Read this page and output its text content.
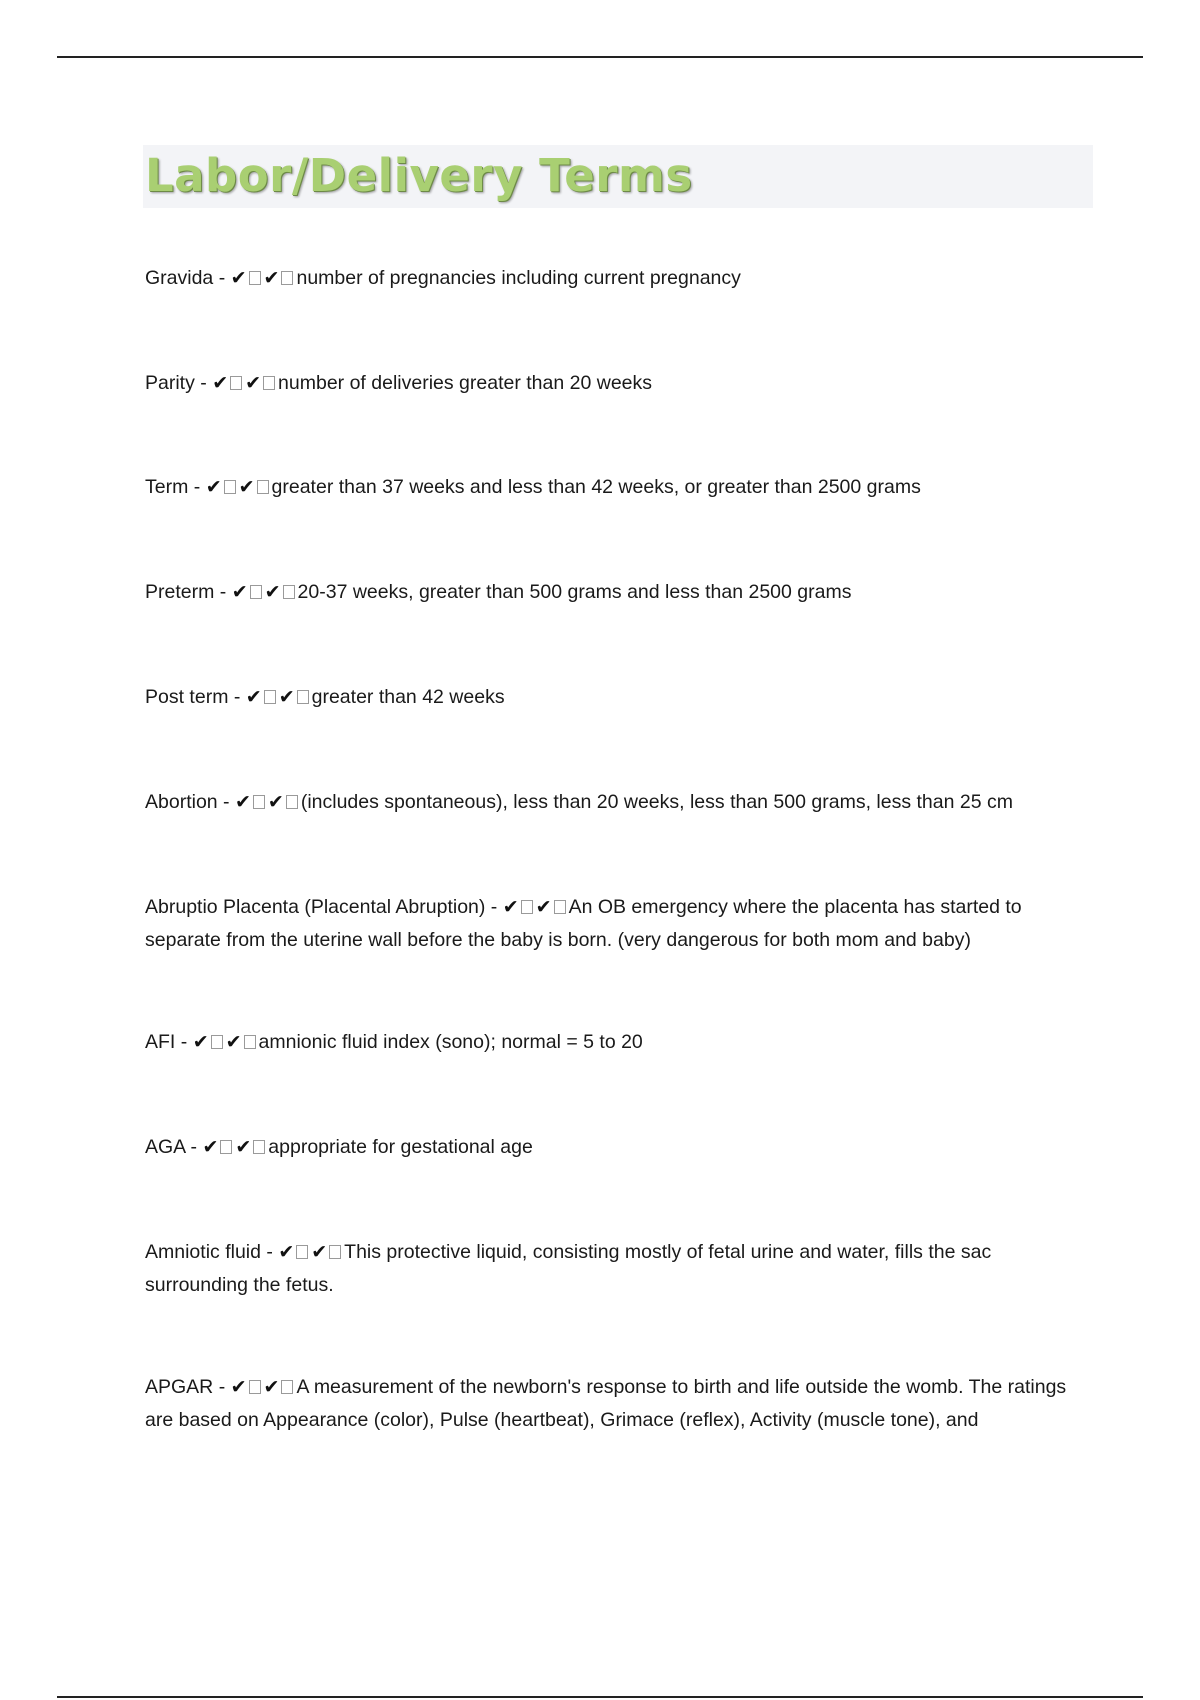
Labor/Delivery Terms

Gravida - ✔ ✔ number of pregnancies including current pregnancy

Parity - ✔ ✔ number of deliveries greater than 20 weeks

Term - ✔ ✔ greater than 37 weeks and less than 42 weeks, or greater than 2500 grams

Preterm - ✔ ✔ 20-37 weeks, greater than 500 grams and less than 2500 grams

Post term - ✔ ✔ greater than 42 weeks

Abortion - ✔ ✔ (includes spontaneous), less than 20 weeks, less than 500 grams, less than 25 cm

Abruptio Placenta (Placental Abruption) - ✔ ✔ An OB emergency where the placenta has started to separate from the uterine wall before the baby is born. (very dangerous for both mom and baby)

AFI - ✔ ✔ amnionic fluid index (sono); normal = 5 to 20

AGA - ✔ ✔ appropriate for gestational age

Amniotic fluid - ✔ ✔ This protective liquid, consisting mostly of fetal urine and water, fills the sac surrounding the fetus.

APGAR - ✔ ✔ A measurement of the newborn's response to birth and life outside the womb. The ratings are based on Appearance (color), Pulse (heartbeat), Grimace (reflex), Activity (muscle tone), and
